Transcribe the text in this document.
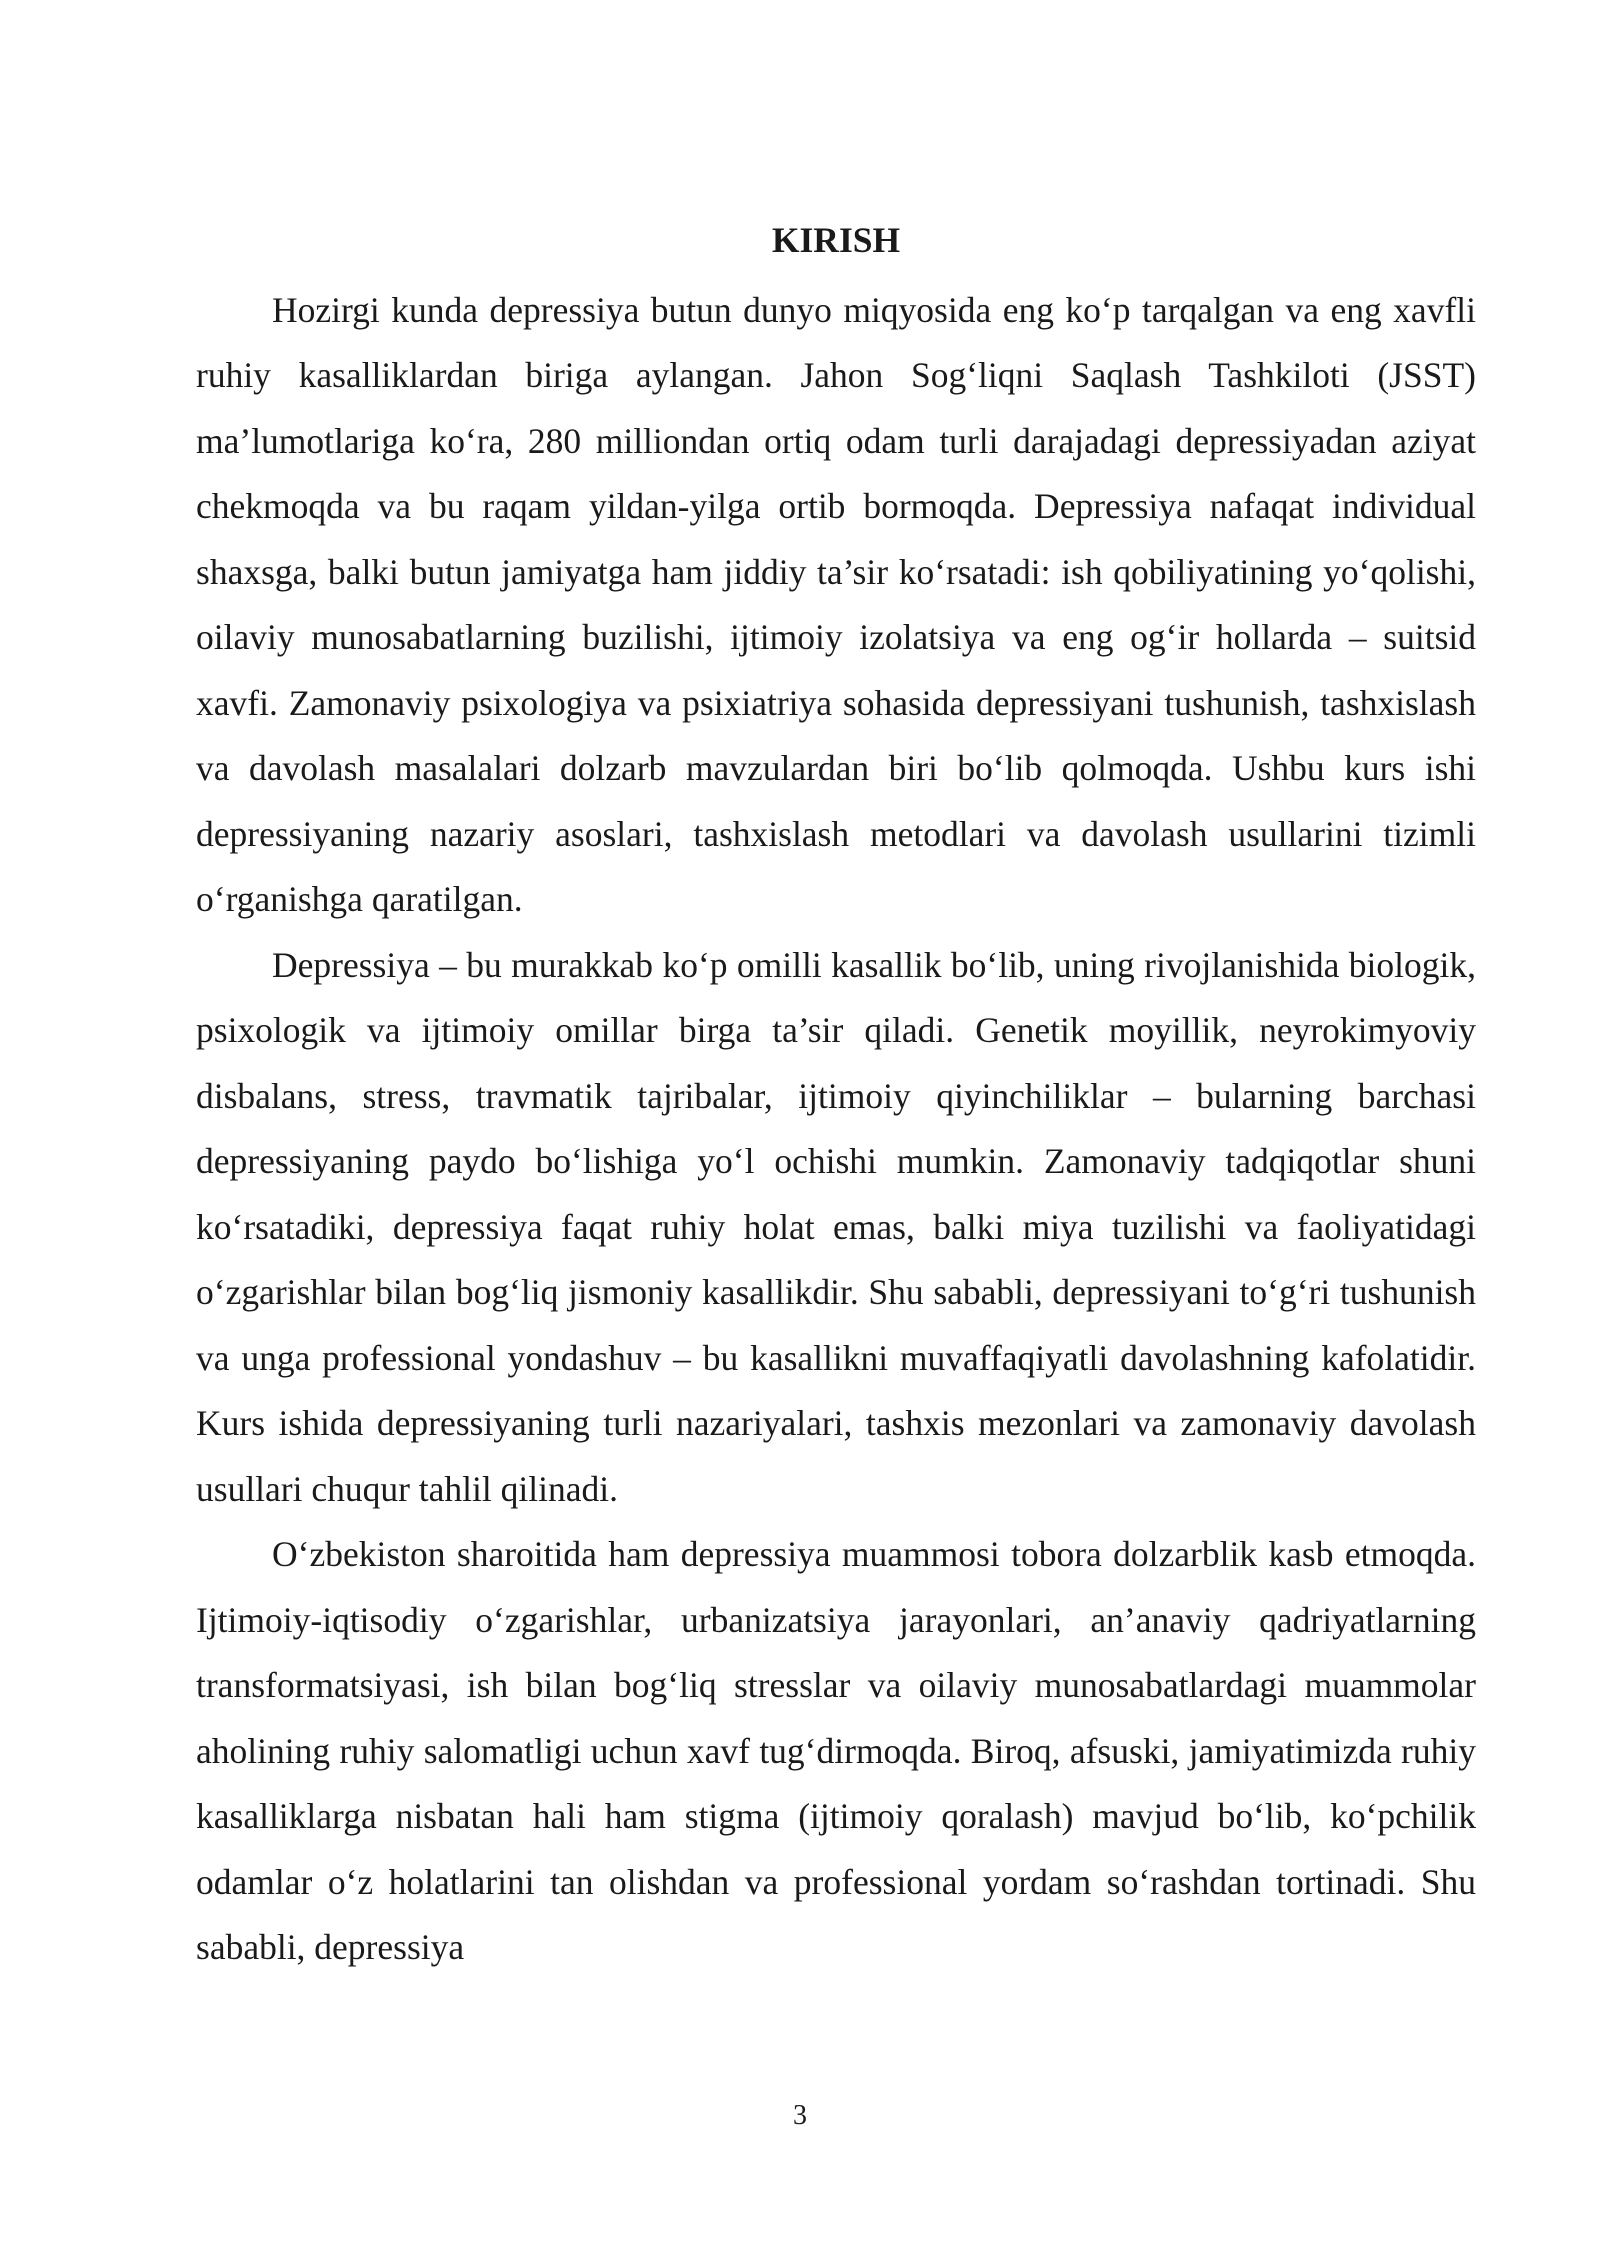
KIRISH

Hozirgi kunda depressiya butun dunyo miqyosida eng ko‘p tarqalgan va eng xavfli ruhiy kasalliklardan biriga aylangan. Jahon Sog‘liqni Saqlash Tashkiloti (JSST) ma’lumotlariga ko‘ra, 280 milliondan ortiq odam turli darajadagi depressiyadan aziyat chekmoqda va bu raqam yildan-yilga ortib bormoqda. Depressiya nafaqat individual shaxsga, balki butun jamiyatga ham jiddiy ta’sir ko‘rsatadi: ish qobiliyatining yo‘qolishi, oilaviy munosabatlarning buzilishi, ijtimoiy izolatsiya va eng og‘ir hollarda – suitsid xavfi. Zamonaviy psixologiya va psixiatriya sohasida depressiyani tushunish, tashxislash va davolash masalalari dolzarb mavzulardan biri bo‘lib qolmoqda. Ushbu kurs ishi depressiyaning nazariy asoslari, tashxislash metodlari va davolash usullarini tizimli o‘rganishga qaratilgan.

Depressiya – bu murakkab ko‘p omilli kasallik bo‘lib, uning rivojlanishida biologik, psixologik va ijtimoiy omillar birga ta’sir qiladi. Genetik moyillik, neyrokimyoviy disbalans, stress, travmatik tajribalar, ijtimoiy qiyinchiliklar – bularning barchasi depressiyaning paydo bo‘lishiga yo‘l ochishi mumkin. Zamonaviy tadqiqotlar shuni ko‘rsatadiki, depressiya faqat ruhiy holat emas, balki miya tuzilishi va faoliyatidagi o‘zgarishlar bilan bog‘liq jismoniy kasallikdir. Shu sababli, depressiyani to‘g‘ri tushunish va unga professional yondashuv – bu kasallikni muvaffaqiyatli davolashning kafolatidir. Kurs ishida depressiyaning turli nazariyalari, tashxis mezonlari va zamonaviy davolash usullari chuqur tahlil qilinadi.

O‘zbekiston sharoitida ham depressiya muammosi tobora dolzarblik kasb etmoqda. Ijtimoiy-iqtisodiy o‘zgarishlar, urbanizatsiya jarayonlari, an’anaviy qadriyatlarning transformatsiyasi, ish bilan bog‘liq stresslar va oilaviy munosabatlardagi muammolar aholining ruhiy salomatligi uchun xavf tug‘dirmoqda. Biroq, afsuski, jamiyatimizda ruhiy kasalliklarga nisbatan hali ham stigma (ijtimoiy qoralash) mavjud bo‘lib, ko‘pchilik odamlar o‘z holatlarini tan olishdan va professional yordam so‘rashdan tortinadi. Shu sababli, depressiya

3
